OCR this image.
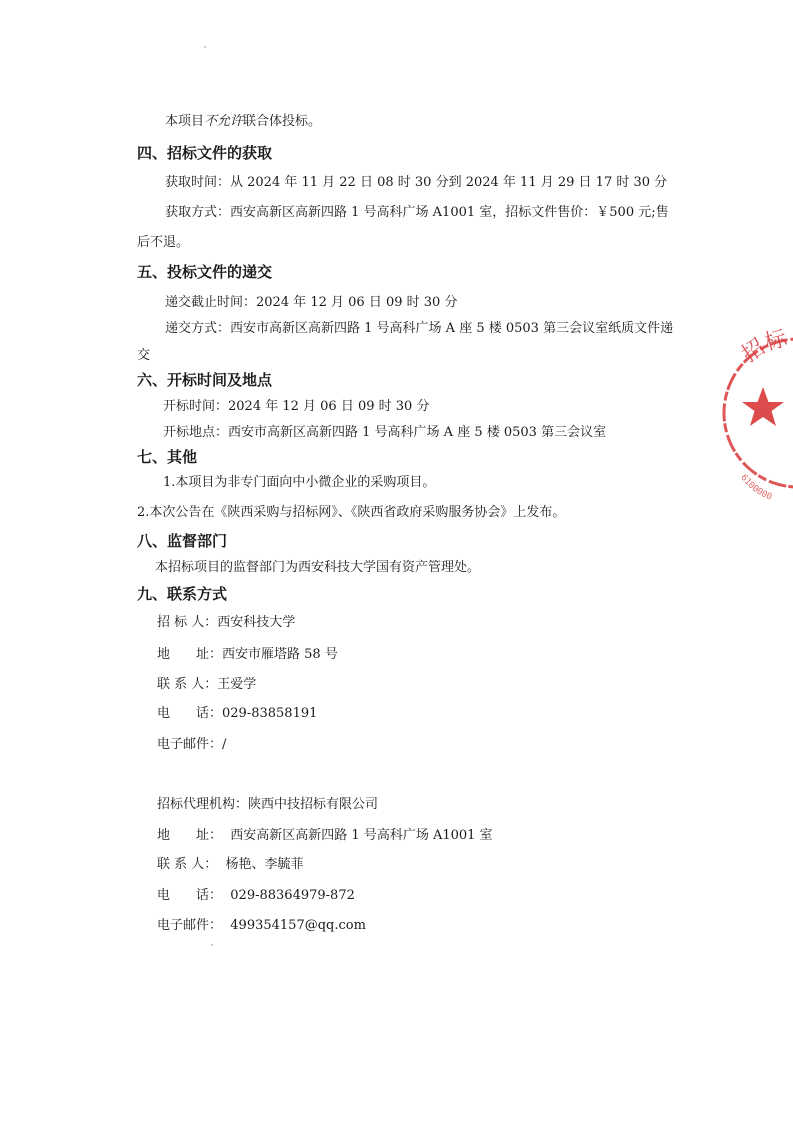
本项目不允许联合体投标。
四、招标文件的获取
获取时间：从 2024 年 11 月 22 日 08 时 30 分到 2024 年 11 月 29 日 17 时 30 分
获取方式：西安高新区高新四路 1 号高科广场 A1001 室，招标文件售价：￥500 元;售
后不退。
五、投标文件的递交
递交截止时间：2024 年 12 月 06 日 09 时 30 分
递交方式：西安市高新区高新四路 1 号高科广场 A 座 5 楼 0503 第三会议室纸质文件递
交
六、开标时间及地点
开标时间：2024 年 12 月 06 日 09 时 30 分
开标地点：西安市高新区高新四路 1 号高科广场 A 座 5 楼 0503 第三会议室
七、其他
1.本项目为非专门面向中小微企业的采购项目。
2.本次公告在《陕西采购与招标网》、《陕西省政府采购服务协会》上发布。
八、监督部门
本招标项目的监督部门为西安科技大学国有资产管理处。
九、联系方式
招 标 人：西安科技大学
地　　址：西安市雁塔路 58 号
联 系 人：王爱学
电　　话：029-83858191
电子邮件：/
招标代理机构：陕西中技招标有限公司
地　　址： 西安高新区高新四路 1 号高科广场 A1001 室
联 系 人： 杨艳、李毓菲
电　　话： 029-88364979-872
电子邮件： 499354157@qq.com
招标
6100000
